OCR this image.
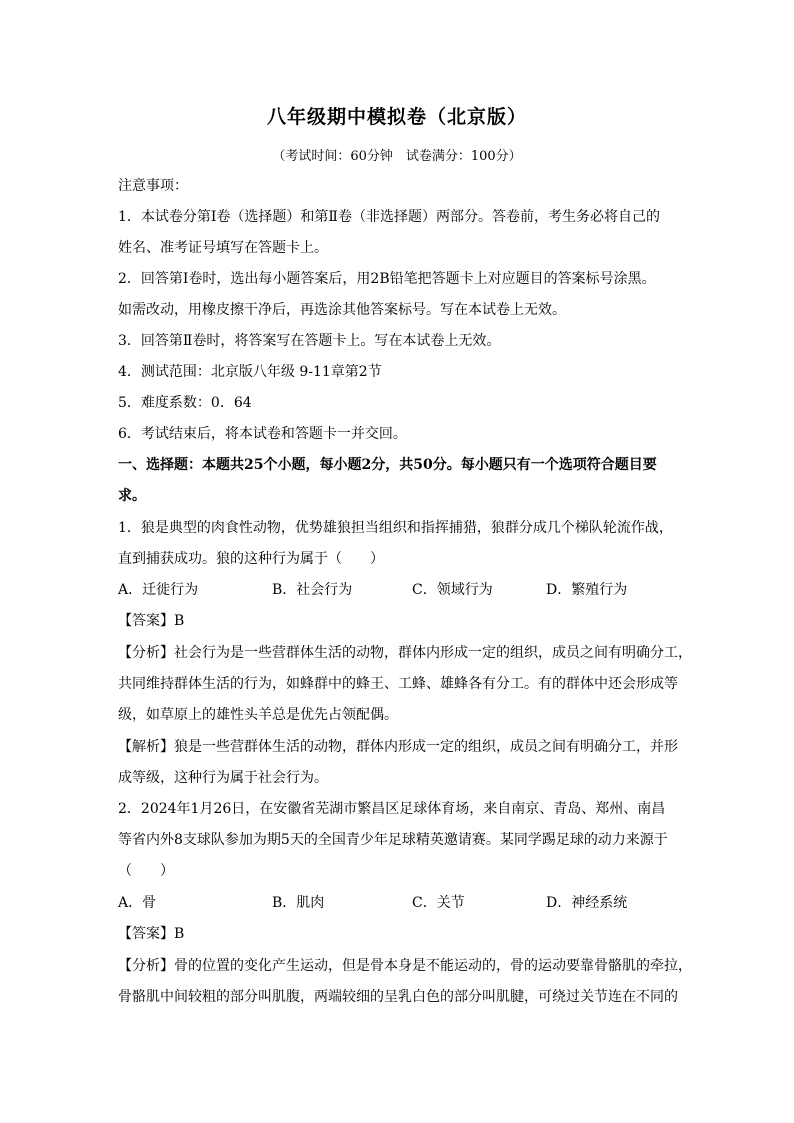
八年级期中模拟卷（北京版）
（考试时间：60分钟　试卷满分：100分）
注意事项：
1．本试卷分第Ⅰ卷（选择题）和第Ⅱ卷（非选择题）两部分。答卷前，考生务必将自己的
姓名、准考证号填写在答题卡上。
2．回答第Ⅰ卷时，选出每小题答案后，用2B铅笔把答题卡上对应题目的答案标号涂黑。
如需改动，用橡皮擦干净后，再选涂其他答案标号。写在本试卷上无效。
3．回答第Ⅱ卷时，将答案写在答题卡上。写在本试卷上无效。
4．测试范围：北京版八年级 9-11章第2节
5．难度系数：0．64
6．考试结束后，将本试卷和答题卡一并交回。
一、选择题：本题共25个小题，每小题2分，共50分。每小题只有一个选项符合题目要
求。
1．狼是典型的肉食性动物，优势雄狼担当组织和指挥捕猎，狼群分成几个梯队轮流作战，
直到捕获成功。狼的这种行为属于（　　）
A．迁徙行为	B．社会行为	C．领域行为	D．繁殖行为
【答案】B
【分析】社会行为是一些营群体生活的动物，群体内形成一定的组织，成员之间有明确分工，
共同维持群体生活的行为，如蜂群中的蜂王、工蜂、雄蜂各有分工。有的群体中还会形成等
级，如草原上的雄性头羊总是优先占领配偶。
【解析】狼是一些营群体生活的动物，群体内形成一定的组织，成员之间有明确分工，并形
成等级，这种行为属于社会行为。
2．2024年1月26日，在安徽省芜湖市繁昌区足球体育场，来自南京、青岛、郑州、南昌
等省内外8支球队参加为期5天的全国青少年足球精英邀请赛。某同学踢足球的动力来源于
（　　）
A．骨	B．肌肉	C．关节	D．神经系统
【答案】B
【分析】骨的位置的变化产生运动，但是骨本身是不能运动的，骨的运动要靠骨骼肌的牵拉，
骨骼肌中间较粗的部分叫肌腹，两端较细的呈乳白色的部分叫肌腱，可绕过关节连在不同的
